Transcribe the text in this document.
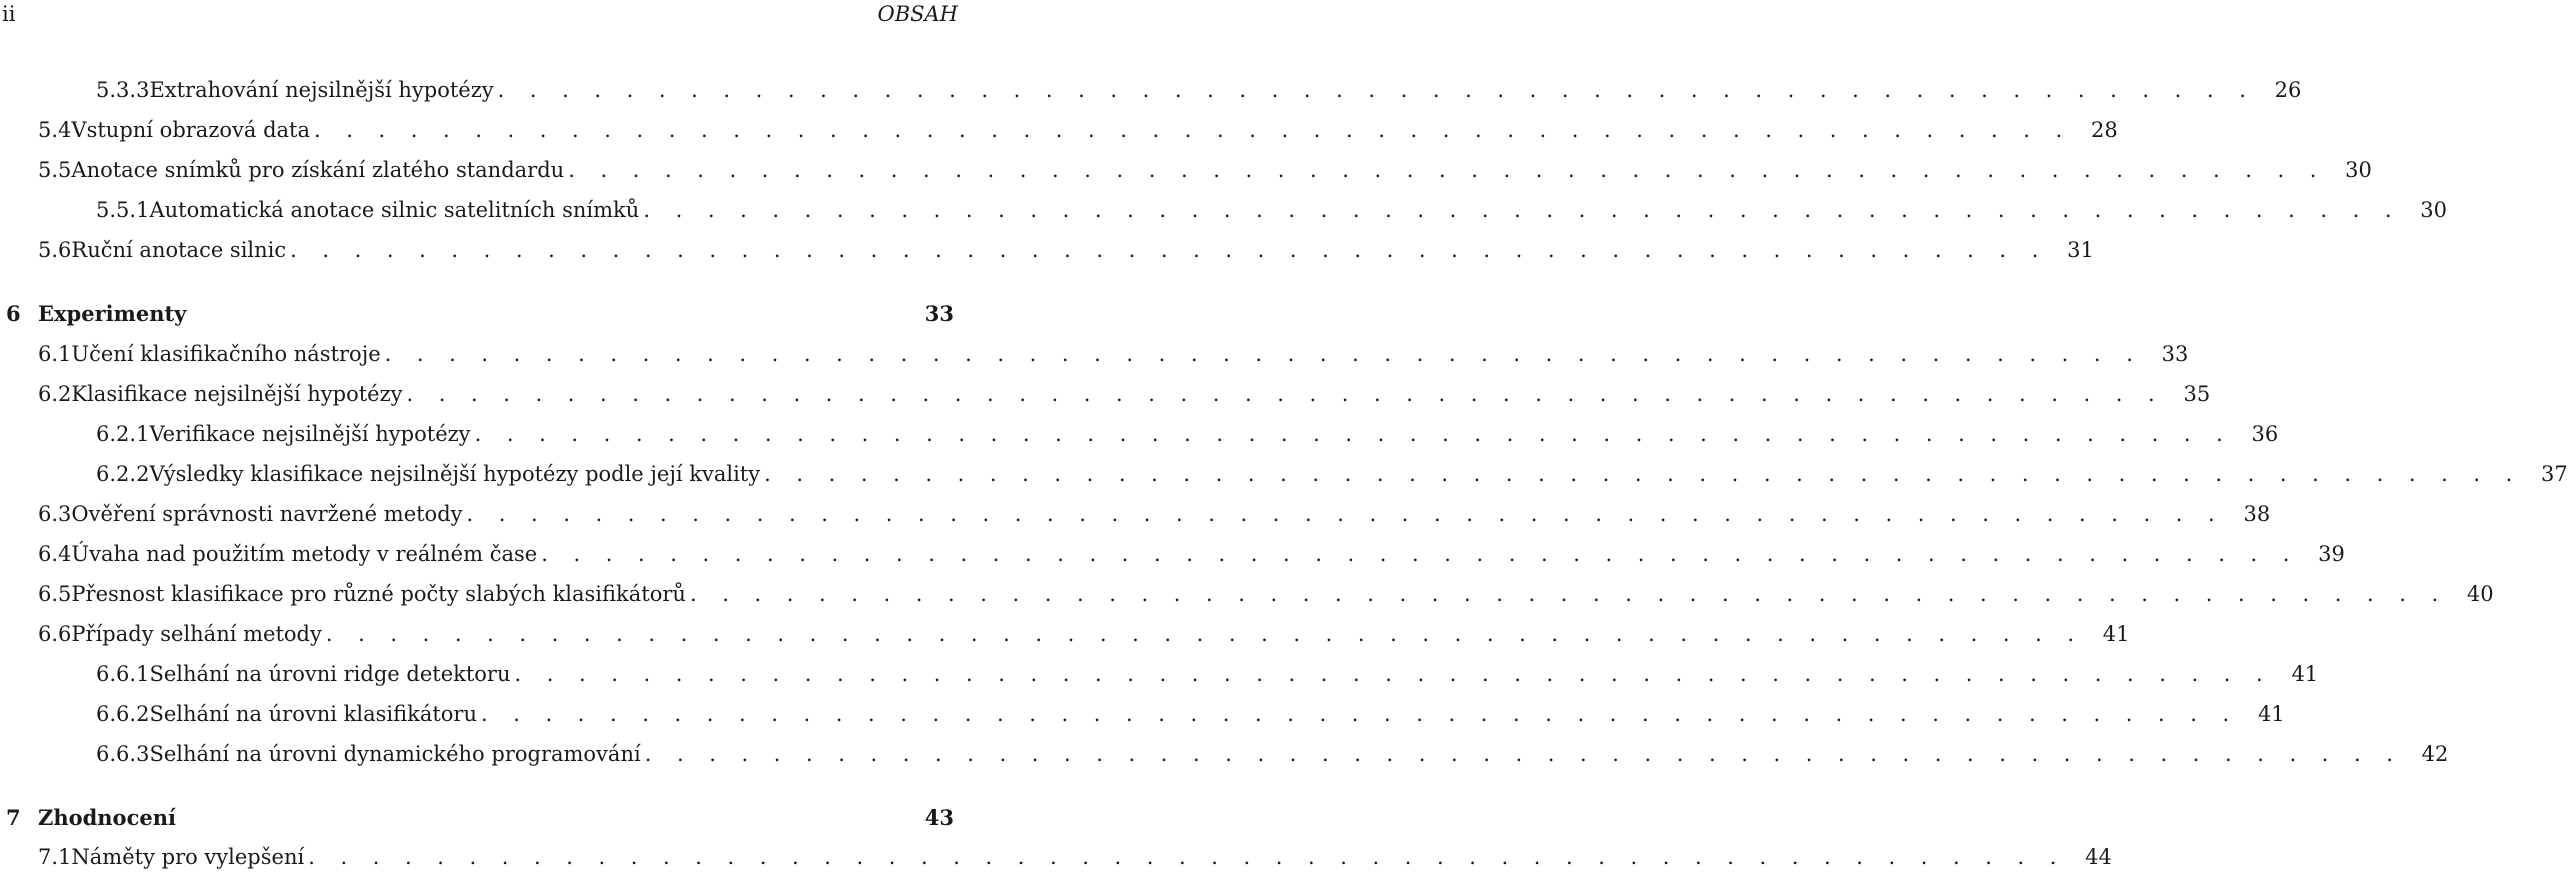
ii	OBSAH
5.3.3 Extrahování nejsilnější hypotézy . . . . . . . . . . . . . . . . . . . . . . . . . . . . . . . . . . . . . . . . . . . . . . . . . . . . . . . 26
5.4 Vstupní obrazová data . . . . . . . . . . . . . . . . . . . . . . . . . . . . . . . . . . . . . . . . . . . . . . . . . . . . . . . 28
5.5 Anotace snímků pro získání zlatého standardu . . . . . . . . . . . . . . . . . . . . . . . . . . . . . . . . . . . . . . . . . . . . . . . . . . . . . . . 30
5.5.1 Automatická anotace silnic satelitních snímků . . . . . . . . . . . . . . . . . . . . . . . . . . . . . . . . . . . . . . . . . . . . . . . . . . . . . . . 30
5.6 Ruční anotace silnic . . . . . . . . . . . . . . . . . . . . . . . . . . . . . . . . . . . . . . . . . . . . . . . . . . . . . . . 31
6 Experimenty	33
6.1 Učení klasifikačního nástroje . . . . . . . . . . . . . . . . . . . . . . . . . . . . . . . . . . . . . . . . . . . . . . . . . . . . . . . 33
6.2 Klasifikace nejsilnější hypotézy . . . . . . . . . . . . . . . . . . . . . . . . . . . . . . . . . . . . . . . . . . . . . . . . . . . . . . . 35
6.2.1 Verifikace nejsilnější hypotézy . . . . . . . . . . . . . . . . . . . . . . . . . . . . . . . . . . . . . . . . . . . . . . . . . . . . . . . 36
6.2.2 Výsledky klasifikace nejsilnější hypotézy podle její kvality . . . . . . . . . . . . . . . . . . . . . . . . . . . . . . . . . . . . . . . . . . . . . . . . . . . . . . . 37
6.3 Ověření správnosti navržené metody . . . . . . . . . . . . . . . . . . . . . . . . . . . . . . . . . . . . . . . . . . . . . . . . . . . . . . . 38
6.4 Úvaha nad použitím metody v reálném čase . . . . . . . . . . . . . . . . . . . . . . . . . . . . . . . . . . . . . . . . . . . . . . . . . . . . . . . 39
6.5 Přesnost klasifikace pro různé počty slabých klasifikátorů . . . . . . . . . . . . . . . . . . . . . . . . . . . . . . . . . . . . . . . . . . . . . . . . . . . . . . . 40
6.6 Případy selhání metody . . . . . . . . . . . . . . . . . . . . . . . . . . . . . . . . . . . . . . . . . . . . . . . . . . . . . . . 41
6.6.1 Selhání na úrovni ridge detektoru . . . . . . . . . . . . . . . . . . . . . . . . . . . . . . . . . . . . . . . . . . . . . . . . . . . . . . . 41
6.6.2 Selhání na úrovni klasifikátoru . . . . . . . . . . . . . . . . . . . . . . . . . . . . . . . . . . . . . . . . . . . . . . . . . . . . . . . 41
6.6.3 Selhání na úrovni dynamického programování . . . . . . . . . . . . . . . . . . . . . . . . . . . . . . . . . . . . . . . . . . . . . . . . . . . . . . . 42
7 Zhodnocení	43
7.1 Náměty pro vylepšení . . . . . . . . . . . . . . . . . . . . . . . . . . . . . . . . . . . . . . . . . . . . . . . . . . . . . . . 44
